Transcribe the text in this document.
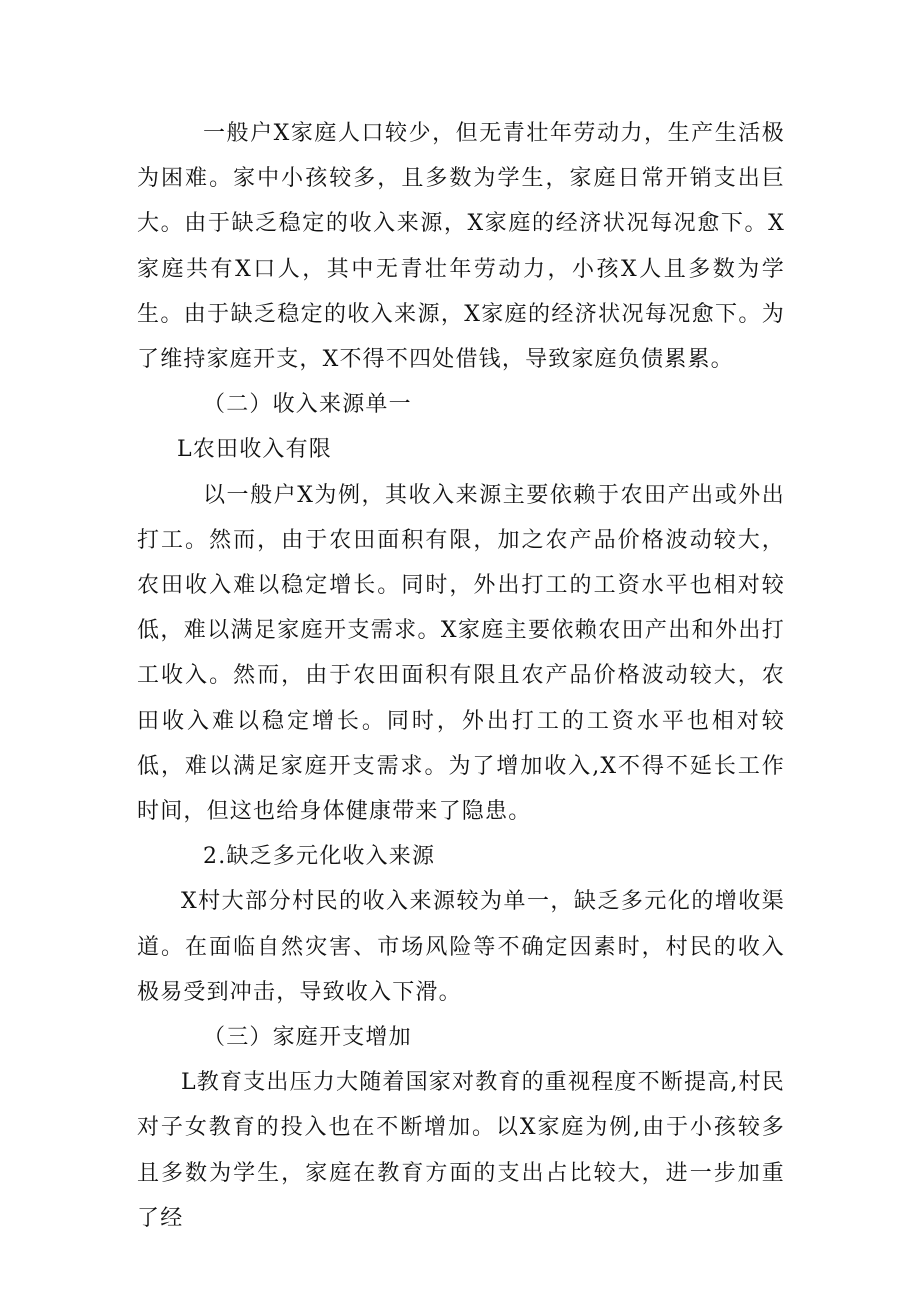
一般户X家庭人口较少，但无青壮年劳动力，生产生活极为困难。家中小孩较多，且多数为学生，家庭日常开销支出巨大。由于缺乏稳定的收入来源，X家庭的经济状况每况愈下。X家庭共有X口人，其中无青壮年劳动力，小孩X人且多数为学生。由于缺乏稳定的收入来源，X家庭的经济状况每况愈下。为了维持家庭开支，X不得不四处借钱，导致家庭负债累累。

（二）收入来源单一

L农田收入有限

以一般户X为例，其收入来源主要依赖于农田产出或外出打工。然而，由于农田面积有限，加之农产品价格波动较大，农田收入难以稳定增长。同时，外出打工的工资水平也相对较低，难以满足家庭开支需求。X家庭主要依赖农田产出和外出打工收入。然而，由于农田面积有限且农产品价格波动较大，农田收入难以稳定增长。同时，外出打工的工资水平也相对较低，难以满足家庭开支需求。为了增加收入,X不得不延长工作时间，但这也给身体健康带来了隐患。

2.缺乏多元化收入来源

X村大部分村民的收入来源较为单一，缺乏多元化的增收渠道。在面临自然灾害、市场风险等不确定因素时，村民的收入极易受到冲击，导致收入下滑。

（三）家庭开支增加

L教育支出压力大随着国家对教育的重视程度不断提高,村民对子女教育的投入也在不断增加。以X家庭为例,由于小孩较多且多数为学生，家庭在教育方面的支出占比较大，进一步加重了经
